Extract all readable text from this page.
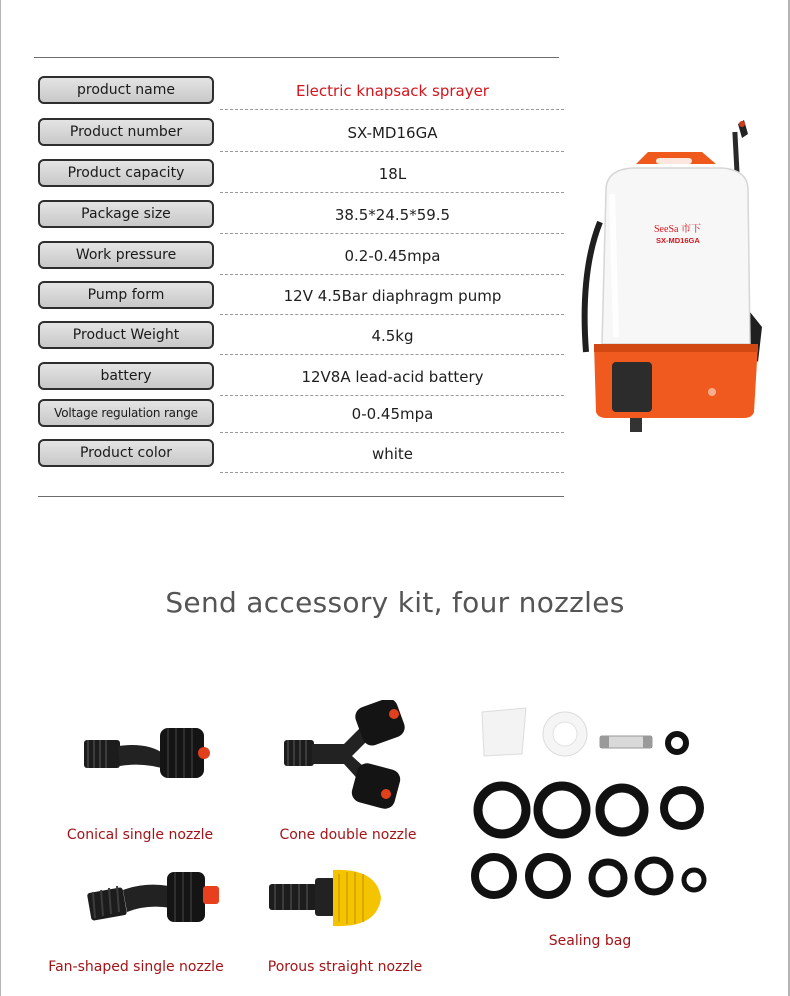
product name	Electric knapsack sprayer
Product number	SX-MD16GA
Product capacity	18L
Package size	38.5*24.5*59.5
Work pressure	0.2-0.45mpa
Pump form	12V 4.5Bar diaphragm pump
Product Weight	4.5kg
battery	12V8A lead-acid battery
Voltage regulation range	0-0.45mpa
Product color	white
SeeSa 市下
SX-MD16GA
Send accessory kit, four nozzles
Conical single nozzle	Cone double nozzle
Fan-shaped single nozzle	Porous straight nozzle
Sealing bag
